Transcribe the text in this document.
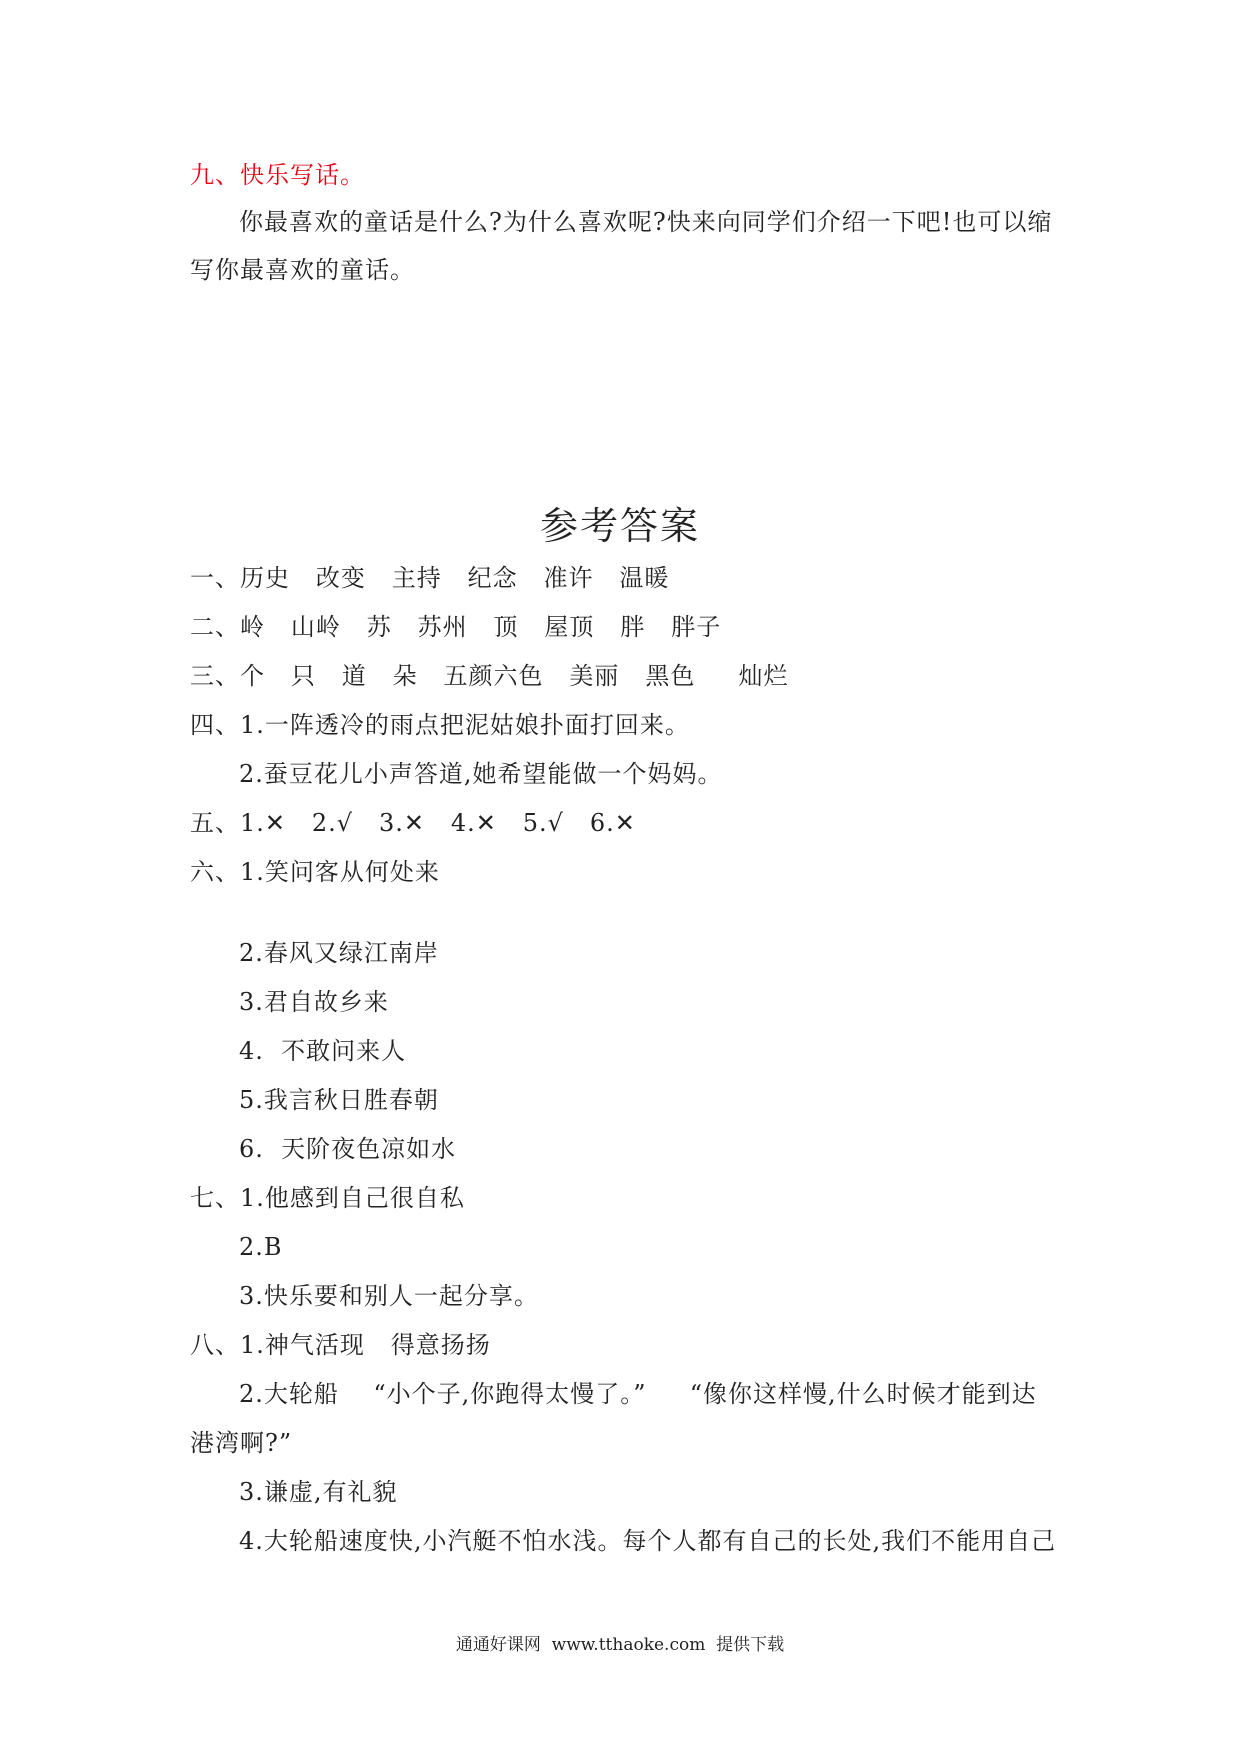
九、快乐写话。
你最喜欢的童话是什么?为什么喜欢呢?快来向同学们介绍一下吧!也可以缩
写你最喜欢的童话。
参考答案
一、历史   改变   主持   纪念   准许   温暖
二、岭   山岭   苏   苏州   顶   屋顶   胖   胖子
三、个   只   道   朵   五颜六色   美丽   黑色     灿烂
四、1.一阵透冷的雨点把泥姑娘扑面打回来。
2.蚕豆花儿小声答道,她希望能做一个妈妈。
五、1.✕   2.√   3.✕   4.✕   5.√   6.✕
六、1.笑问客从何处来
2.春风又绿江南岸
3.君自故乡来
4.  不敢问来人
5.我言秋日胜春朝
6.  天阶夜色凉如水
七、1.他感到自己很自私
2.B
3.快乐要和别人一起分享。
八、1.神气活现   得意扬扬
2.大轮船    “小个子,你跑得太慢了。”     “像你这样慢,什么时候才能到达
港湾啊?”
3.谦虚,有礼貌
4.大轮船速度快,小汽艇不怕水浅。每个人都有自己的长处,我们不能用自己
通通好课网  www.tthaoke.com  提供下载
